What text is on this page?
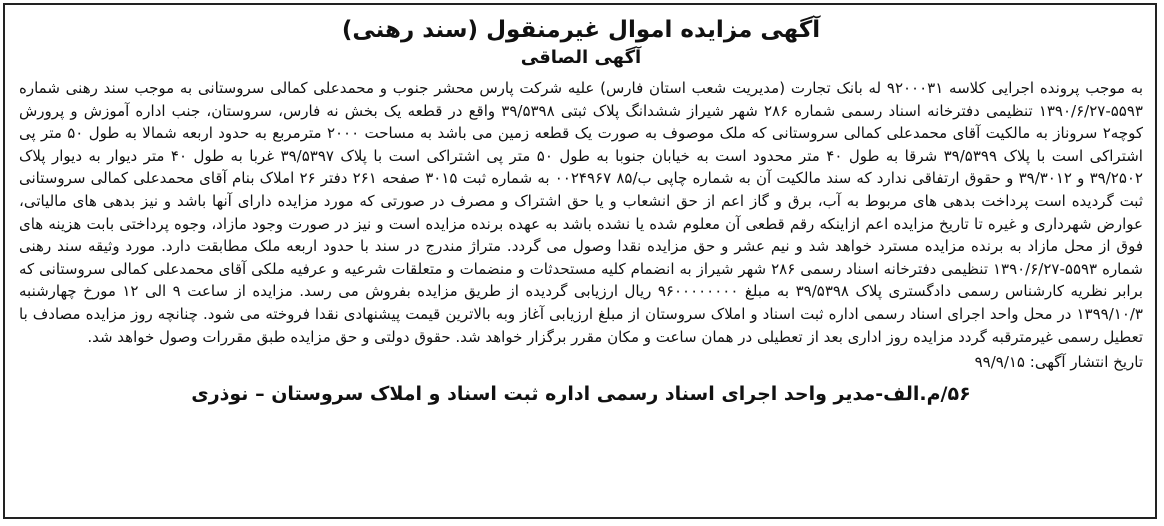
آگهی مزایده اموال غیرمنقول (سند رهنی)
آگهی الصاقی

به موجب پرونده اجرایی کلاسه ۹۲۰۰۰۳۱ له بانک تجارت (مدیریت شعب استان فارس) علیه شرکت پارس محشر جنوب و محمدعلی کمالی سروستانی به موجب سند رهنی شماره ۵۵۹۳-۱۳۹۰/۶/۲۷ تنظیمی دفترخانه اسناد رسمی شماره ۲۸۶ شهر شیراز ششدانگ پلاک ثبتی ۳۹/۵۳۹۸ واقع در قطعه یک بخش نه فارس، سروستان، جنب اداره آموزش و پرورش کوچه۲ سروناز به مالکیت آقای محمدعلی کمالی سروستانی که ملک موصوف به صورت یک قطعه زمین می باشد به مساحت ۲۰۰۰ مترمربع به حدود اربعه شمالا به طول ۵۰ متر پی اشتراکی است با پلاک ۳۹/۵۳۹۹ شرقا به طول ۴۰ متر محدود است به خیابان جنوبا به طول ۵۰ متر پی اشتراکی است با پلاک ۳۹/۵۳۹۷ غربا به طول ۴۰ متر دیوار به دیوار پلاک ۳۹/۲۵۰۲ و ۳۹/۳۰۱۲ و حقوق ارتفاقی ندارد که سند مالکیت آن به شماره چاپی ب/۸۵ ۰۰۲۴۹۶۷ به شماره ثبت ۳۰۱۵ صفحه ۲۶۱ دفتر ۲۶ املاک بنام آقای محمدعلی کمالی سروستانی ثبت گردیده است پرداخت بدهی های مربوط به آب، برق و گاز اعم از حق انشعاب و یا حق اشتراک و مصرف در صورتی که مورد مزایده دارای آنها باشد و نیز بدهی های مالیاتی، عوارض شهرداری و غیره تا تاریخ مزایده اعم ازاینکه رقم قطعی آن معلوم شده یا نشده باشد به عهده برنده مزایده است و نیز در صورت وجود مازاد، وجوه پرداختی بابت هزینه های فوق از محل مازاد به برنده مزایده مسترد خواهد شد و نیم عشر و حق مزایده نقدا وصول می گردد. متراژ مندرج در سند با حدود اربعه ملک مطابقت دارد. مورد وثیقه سند رهنی شماره ۵۵۹۳-۱۳۹۰/۶/۲۷ تنظیمی دفترخانه اسناد رسمی ۲۸۶ شهر شیراز به انضمام کلیه مستحدثات و منضمات و متعلقات شرعیه و عرفیه ملکی آقای محمدعلی کمالی سروستانی که برابر نظریه کارشناس رسمی دادگستری پلاک ۳۹/۵۳۹۸ به مبلغ ۹۶۰۰۰۰۰۰۰۰ ریال ارزیابی گردیده از طریق مزایده بفروش می رسد. مزایده از ساعت ۹ الی ۱۲ مورخ چهارشنبه ۱۳۹۹/۱۰/۳ در محل واحد اجرای اسناد رسمی اداره ثبت اسناد و املاک سروستان از مبلغ ارزیابی آغاز وبه بالاترین قیمت پیشنهادی نقدا فروخته می شود. چنانچه روز مزایده مصادف با تعطیل رسمی غیرمترقبه گردد مزایده روز اداری بعد از تعطیلی در همان ساعت و مکان مقرر برگزار خواهد شد. حقوق دولتی و حق مزایده طبق مقررات وصول خواهد شد.

تاریخ انتشار آگهی: ۹۹/۹/۱۵
۵۶/م.الف-مدیر واحد اجرای اسناد رسمی اداره ثبت اسناد و املاک سروستان – نوذری
